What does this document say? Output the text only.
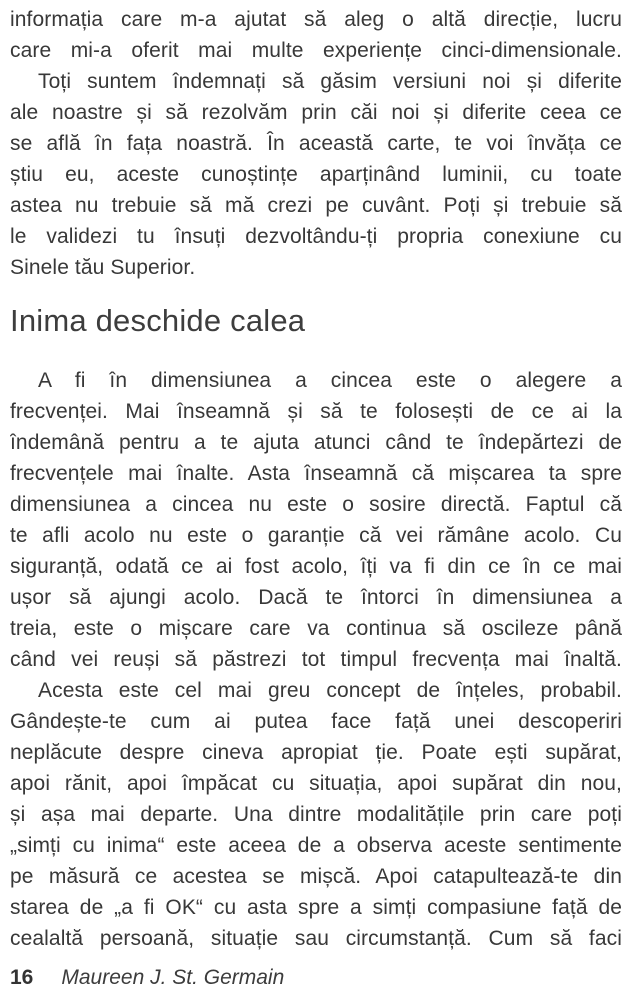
informația care m-a ajutat să aleg o altă direcție, lucru
care mi-a oferit mai multe experiențe cinci-dimensionale.
Toți suntem îndemnați să găsim versiuni noi și diferite
ale noastre și să rezolvăm prin căi noi și diferite ceea ce
se află în fața noastră. În această carte, te voi învăța ce
știu eu, aceste cunoștințe aparținând luminii, cu toate
astea nu trebuie să mă crezi pe cuvânt. Poți și trebuie să
le validezi tu însuți dezvoltându-ți propria conexiune cu
Sinele tău Superior.
Inima deschide calea
A fi în dimensiunea a cincea este o alegere a
frecvenței. Mai înseamnă și să te folosești de ce ai la
îndemână pentru a te ajuta atunci când te îndepărtezi de
frecvențele mai înalte. Asta înseamnă că mișcarea ta spre
dimensiunea a cincea nu este o sosire directă. Faptul că
te afli acolo nu este o garanție că vei rămâne acolo. Cu
siguranță, odată ce ai fost acolo, îți va fi din ce în ce mai
ușor să ajungi acolo. Dacă te întorci în dimensiunea a
treia, este o mișcare care va continua să oscileze până
când vei reuși să păstrezi tot timpul frecvența mai înaltă.
Acesta este cel mai greu concept de înțeles, probabil.
Gândește-te cum ai putea face față unei descoperiri
neplăcute despre cineva apropiat ție. Poate ești supărat,
apoi rănit, apoi împăcat cu situația, apoi supărat din nou,
și așa mai departe. Una dintre modalitățile prin care poți
„simți cu inima“ este aceea de a observa aceste sentimente
pe măsură ce acestea se mișcă. Apoi catapultează-te din
starea de „a fi OK“ cu asta spre a simți compasiune față de
cealaltă persoană, situație sau circumstanță. Cum să faci
16 Maureen J. St. Germain
